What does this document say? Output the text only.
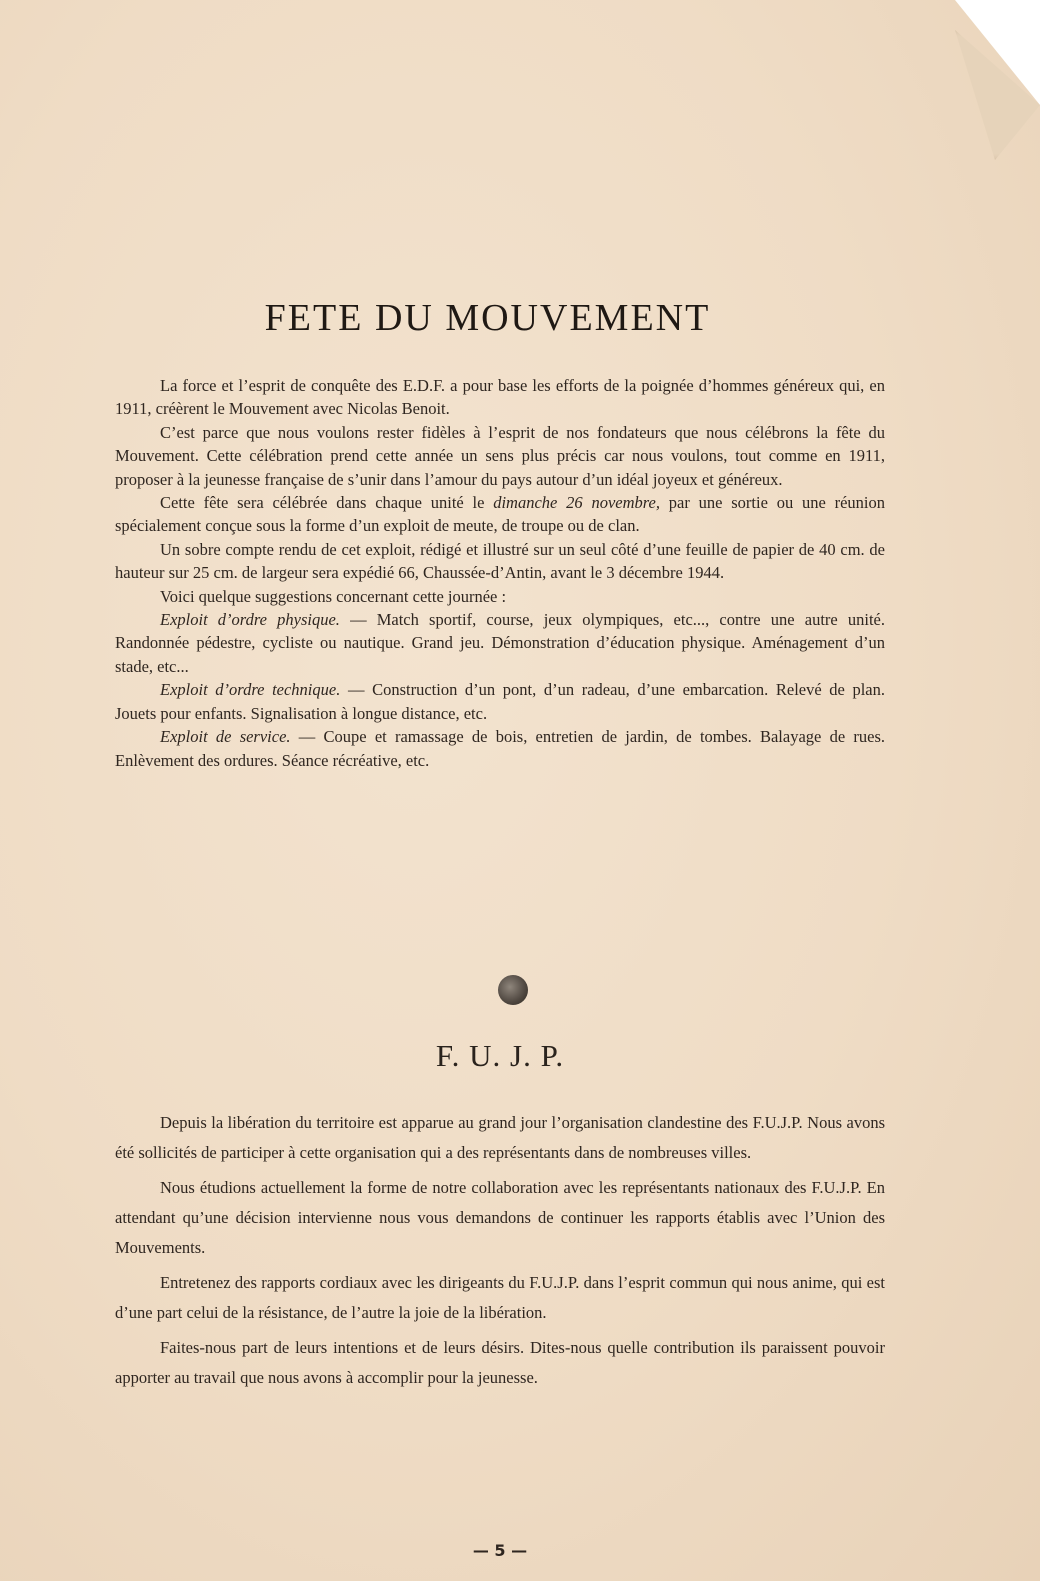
FETE DU MOUVEMENT

La force et l’esprit de conquête des E.D.F. a pour base les efforts de la poignée d’hommes généreux qui, en 1911, créèrent le Mouvement avec Nicolas Benoit.

C’est parce que nous voulons rester fidèles à l’esprit de nos fondateurs que nous célébrons la fête du Mouvement. Cette célébration prend cette année un sens plus précis car nous voulons, tout comme en 1911, proposer à la jeunesse française de s’unir dans l’amour du pays autour d’un idéal joyeux et généreux.

Cette fête sera célébrée dans chaque unité le dimanche 26 novembre, par une sortie ou une réunion spécialement conçue sous la forme d’un exploit de meute, de troupe ou de clan.

Un sobre compte rendu de cet exploit, rédigé et illustré sur un seul côté d’une feuille de papier de 40 cm. de hauteur sur 25 cm. de largeur sera expédié 66, Chaussée-d’Antin, avant le 3 décembre 1944.

Voici quelque suggestions concernant cette journée :

Exploit d’ordre physique. — Match sportif, course, jeux olympiques, etc..., contre une autre unité. Randonnée pédestre, cycliste ou nautique. Grand jeu. Démonstration d’éducation physique. Aménagement d’un stade, etc...

Exploit d’ordre technique. — Construction d’un pont, d’un radeau, d’une embarcation. Relevé de plan. Jouets pour enfants. Signalisation à longue distance, etc.

Exploit de service. — Coupe et ramassage de bois, entretien de jardin, de tombes. Balayage de rues. Enlèvement des ordures. Séance récréative, etc.

F. U. J. P.

Depuis la libération du territoire est apparue au grand jour l’organisation clandestine des F.U.J.P. Nous avons été sollicités de participer à cette organisation qui a des représentants dans de nombreuses villes.

Nous étudions actuellement la forme de notre collaboration avec les représentants nationaux des F.U.J.P. En attendant qu’une décision intervienne nous vous demandons de continuer les rapports établis avec l’Union des Mouvements.

Entretenez des rapports cordiaux avec les dirigeants du F.U.J.P. dans l’esprit commun qui nous anime, qui est d’une part celui de la résistance, de l’autre la joie de la libération.

Faites-nous part de leurs intentions et de leurs désirs. Dites-nous quelle contribution ils paraissent pouvoir apporter au travail que nous avons à accomplir pour la jeunesse.

— 5 —
